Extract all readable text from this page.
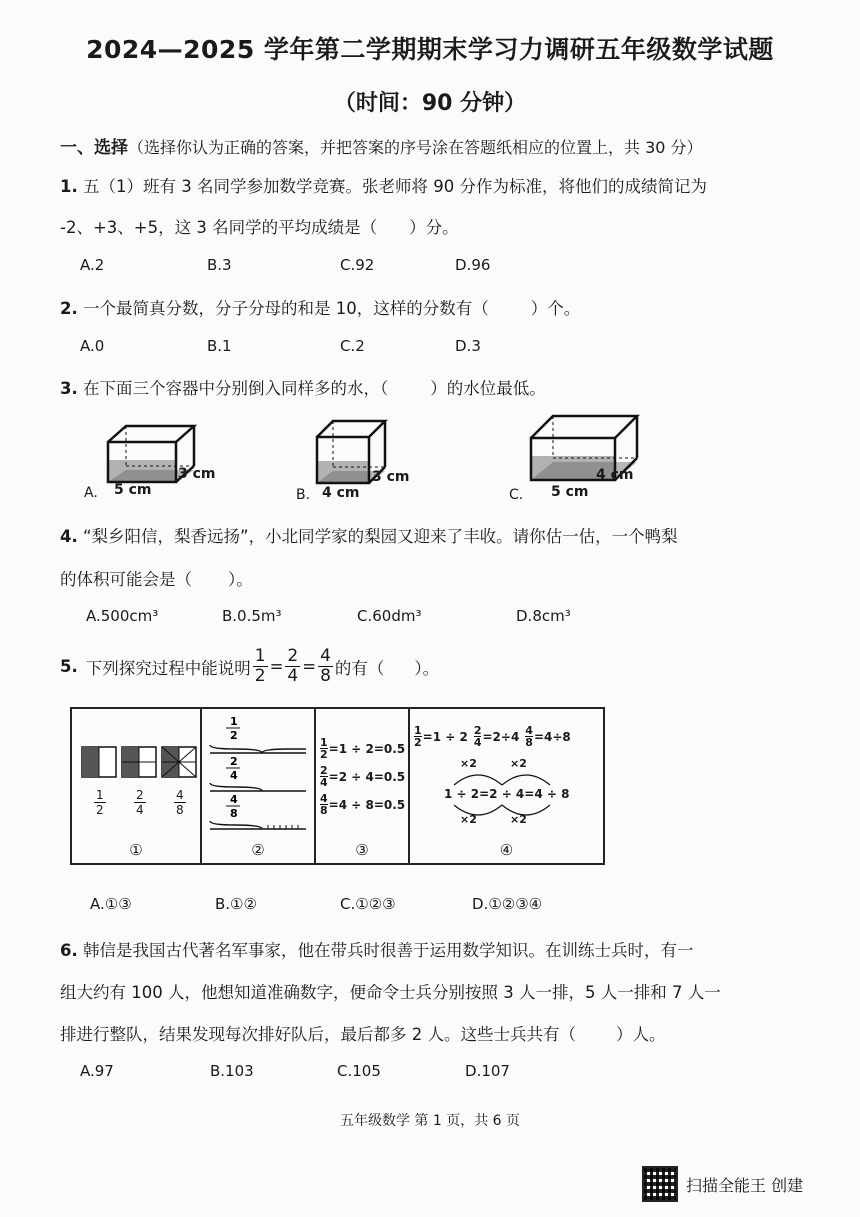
2024—2025 学年第二学期期末学习力调研五年级数学试题
（时间：90 分钟）
一、选择（选择你认为正确的答案，并把答案的序号涂在答题纸相应的位置上，共 30 分）
1. 五（1）班有 3 名同学参加数学竞赛。张老师将 90 分作为标准，将他们的成绩简记为
-2、+3、+5，这 3 名同学的平均成绩是（ ）分。
A.2	B.3	C.92	D.96
2. 一个最简真分数，分子分母的和是 10，这样的分数有（	）个。
A.0	B.1	C.2	D.3
3. 在下面三个容器中分别倒入同样多的水，（	）的水位最低。
3 cm
A. 5 cm
3 cm
B. 4 cm
4 cm
C. 5 cm
4. “梨乡阳信，梨香远扬”，小北同学家的梨园又迎来了丰收。请你估一估，一个鸭梨
的体积可能会是（ ）。
A.500cm³	B.0.5m³	C.60dm³	D.8cm³
5. 下列探究过程中能说明 $\frac{1}{2} = \frac{2}{4} = \frac{4}{8}$ 的有（ ）。
$\frac{1}{2} \frac{2}{4} \frac{4}{8}$
①
1
2
2
4
4
8
②
$\frac{1}{2} =1 \div 2=0.5$
$\frac{2}{4} =2 \div 4=0.5$
$\frac{4}{8} =4 \div 8=0.5$
③
$\frac{1}{2} =1 \div 2 \frac{2}{4} =2\div 4 \frac{4}{8} =4\div 8$
×2	×2
1 ÷ 2=2 ÷ 4=4 ÷ 8
×2	×2
④
A.①③	B.①②	C.①②③	D.①②③④
6. 韩信是我国古代著名军事家，他在带兵时很善于运用数学知识。在训练士兵时，有一
组大约有 100 人，他想知道准确数字，便命令士兵分别按照 3 人一排，5 人一排和 7 人一
排进行整队，结果发现每次排好队后，最后都多 2 人。这些士兵共有（ ）人。
A.97	B.103	C.105	D.107
五年级数学 第 1 页，共 6 页
扫描全能王 创建
